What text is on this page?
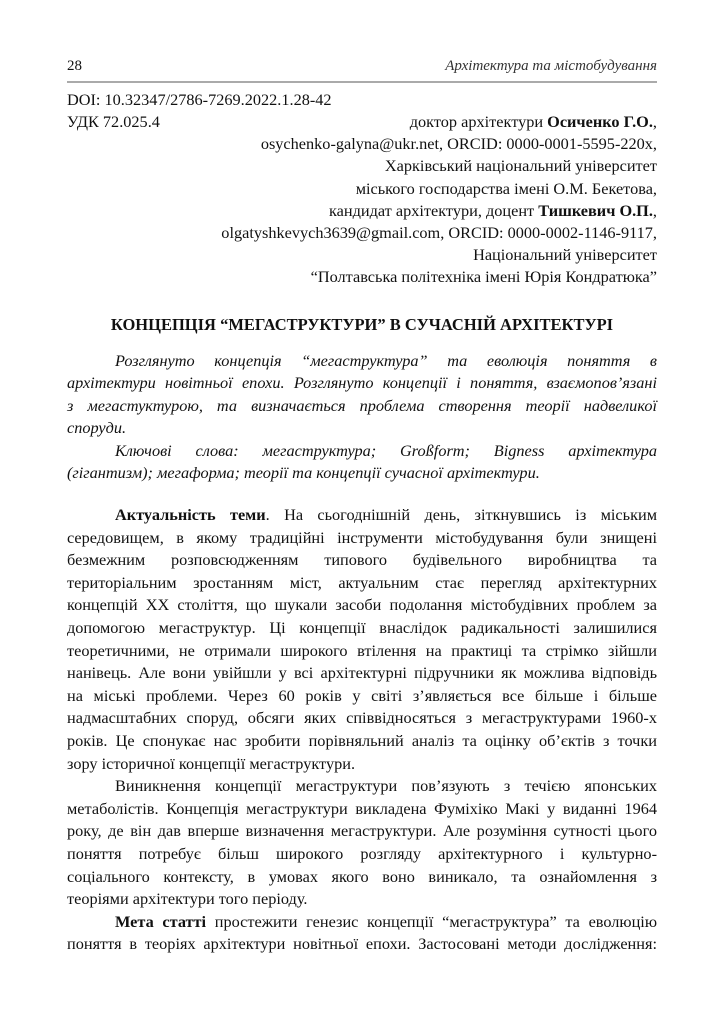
28	Архітектура та містобудування
DOI: 10.32347/2786-7269.2022.1.28-42
УДК 72.025.4
КОНЦЕПЦІЯ “МЕГАСТРУКТУРИ” В СУЧАСНІЙ АРХІТЕКТУРІ
доктор архітектури Осиченко Г.О.,
osychenko-galyna@ukr.net, ORCID: 0000-0001-5595-220x,
Харківський національний університет
міського господарства імені О.М. Бекетова,
кандидат архітектури, доцент Тишкевич О.П.,
olgatyshkevych3639@gmail.com, ORCID: 0000-0002-1146-9117,
Національний університет
“Полтавська політехніка імені Юрія Кондратюка”
Розглянуто концепція “мегаструктура” та еволюція поняття в
архітектури новітньої епохи. Розглянуто концепції і поняття, взаємопов’язані
з мегастуктурою, та визначається проблема створення теорії надвеликої
споруди.
Ключові слова: мегаструктура; Großform; Bigness архітектура
(гігантизм); мегаформа; теорії та концепції сучасної архітектури.
Актуальність теми. На сьогоднішній день, зіткнувшись із міським
середовищем, в якому традиційні інструменти містобудування були знищені
безмежним розповсюдженням типового будівельного виробництва та
територіальним зростанням міст, актуальним стає перегляд архітектурних
концепцій XX століття, що шукали засоби подолання містобудівних проблем за
допомогою мегаструктур. Ці концепції внаслідок радикальності залишилися
теоретичними, не отримали широкого втілення на практиці та стрімко зійшли
нанівець. Але вони увійшли у всі архітектурні підручники як можлива відповідь
на міські проблеми. Через 60 років у світі з’являється все більше і більше
надмасштабних споруд, обсяги яких співвідносяться з мегаструктурами 1960-х
років. Це спонукає нас зробити порівняльний аналіз та оцінку об’єктів з точки
зору історичної концепції мегаструктури.
Виникнення концепції мегаструктури пов’язують з течією японських
метаболістів. Концепція мегаструктури викладена Фуміхіко Макі у виданні 1964
року, де він дав вперше визначення мегаструктури. Але розуміння сутності цього
поняття потребує більш широкого розгляду архітектурного і культурно-
соціального контексту, в умовах якого воно виникало, та ознайомлення з
теоріями архітектури того періоду.
Мета статті простежити генезис концепції “мегаструктура” та еволюцію
поняття в теоріях архітектури новітньої епохи. Застосовані методи дослідження:
